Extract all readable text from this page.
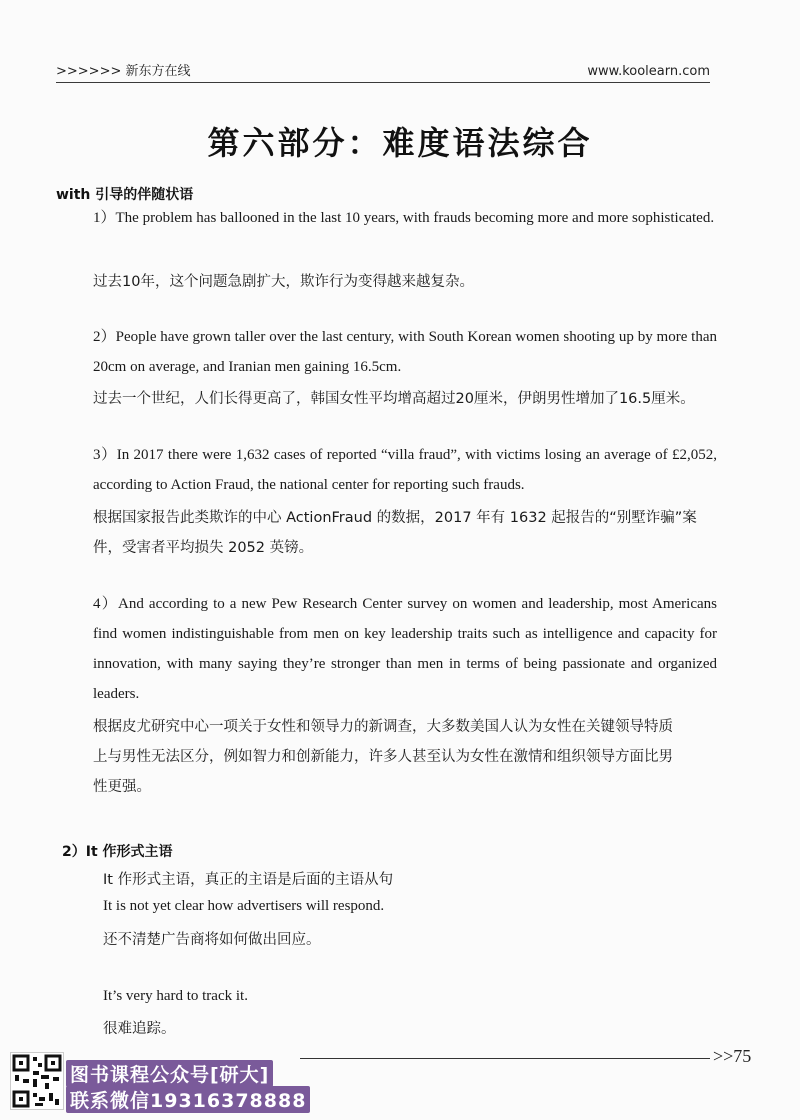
>>>>>> 新东方在线	www.koolearn.com
第六部分：难度语法综合
with 引导的伴随状语
1）The problem has ballooned in the last 10 years, with frauds becoming more and more sophisticated.
过去10年，这个问题急剧扩大，欺诈行为变得越来越复杂。
2）People have grown taller over the last century, with South Korean women shooting up by more than 20cm on average, and Iranian men gaining 16.5cm.
过去一个世纪，人们长得更高了，韩国女性平均增高超过20厘米，伊朗男性增加了16.5厘米。
3）In 2017 there were 1,632 cases of reported “villa fraud”, with victims losing an average of £2,052, according to Action Fraud, the national center for reporting such frauds.
根据国家报告此类欺诈的中心 ActionFraud 的数据，2017 年有 1632 起报告的“别墅诈骗”案件，受害者平均损失 2052 英镑。
4）And according to a new Pew Research Center survey on women and leadership, most Americans find women indistinguishable from men on key leadership traits such as intelligence and capacity for innovation, with many saying they’re stronger than men in terms of being passionate and organized leaders.
根据皮尤研究中心一项关于女性和领导力的新调查，大多数美国人认为女性在关键领导特质上与男性无法区分，例如智力和创新能力，许多人甚至认为女性在激情和组织领导方面比男性更强。
2）It 作形式主语
It 作形式主语，真正的主语是后面的主语从句
It is not yet clear how advertisers will respond.
还不清楚广告商将如何做出回应。
It’s very hard to track it.
很难追踪。
>>75
图书课程公众号[研大]
联系微信19316378888
